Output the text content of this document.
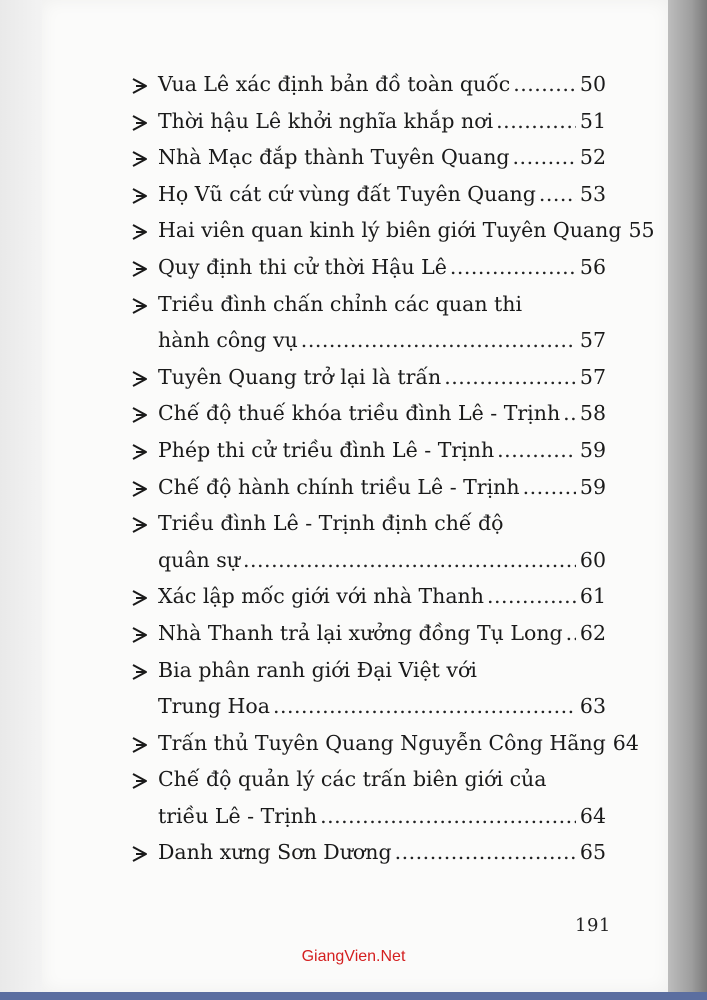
Vua Lê xác định bản đồ toàn quốc .....	50
Thời hậu Lê khởi nghĩa khắp nơi .....	51
Nhà Mạc đắp thành Tuyên Quang .....	52
Họ Vũ cát cứ vùng đất Tuyên Quang ..... 53
Hai viên quan kinh lý biên giới Tuyên Quang 55
Quy định thi cử thời Hậu Lê .....	56
Triều đình chấn chỉnh các quan thi
hành công vụ .....	57
Tuyên Quang trở lại là trấn .....	57
Chế độ thuế khóa triều đình Lê - Trịnh ..... 58
Phép thi cử triều đình Lê - Trịnh .....	59
Chế độ hành chính triều Lê - Trịnh .....	59
Triều đình Lê - Trịnh định chế độ
quân sự .....	60
Xác lập mốc giới với nhà Thanh .....	61
Nhà Thanh trả lại xưởng đồng Tụ Long ..... 62
Bia phân ranh giới Đại Việt với
Trung Hoa .....	63
Trấn thủ Tuyên Quang Nguyễn Công Hãng 64
Chế độ quản lý các trấn biên giới của
triều Lê - Trịnh .....	64
Danh xưng Sơn Dương .....	65
191
GiangVien.Net
